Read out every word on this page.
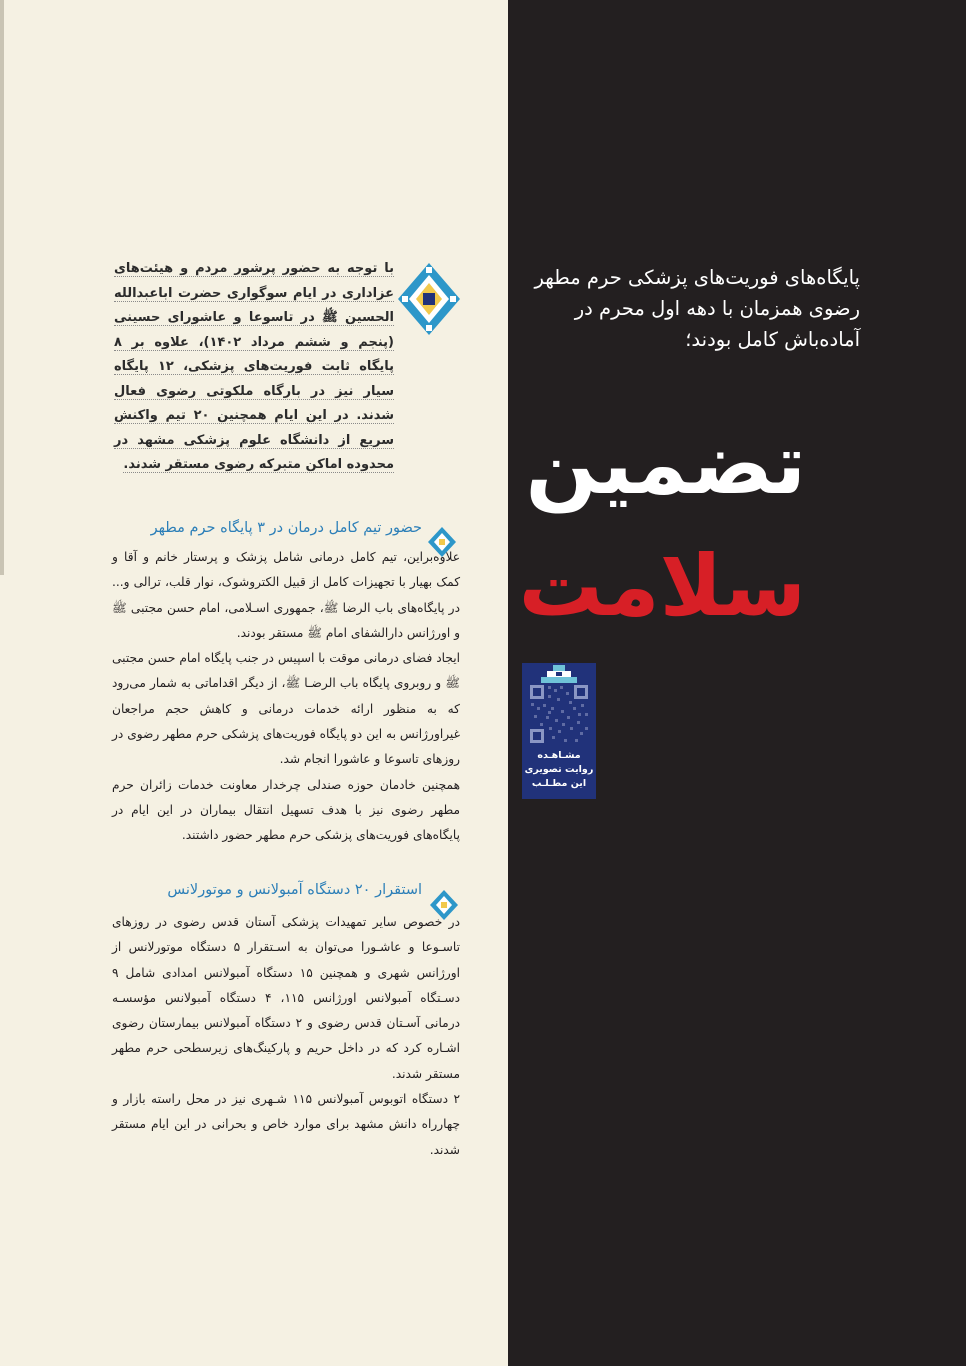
پایگاه‌های فوریت‌های پزشکی حرم مطهر رضوی همزمان با دهه اول محرم در آماده‌باش کامل بودند؛

تضمین
سلامت
مشـاهـده
روایت تصویری
این مطـلـب

با توجه به حضور پرشور مردم و هیئت‌های عزاداری در ایام سوگواری حضرت اباعبدالله الحسین ﷺ در تاسوعا و عاشورای حسینی (پنجم و ششم مرداد ۱۴۰۲)، علاوه بر ۸ پایگاه ثابت فوریت‌های پزشکی، ۱۲ پایگاه سیار نیز در بارگاه ملکوتی رضوی فعال شدند. در این ایام همچنین ۲۰ تیم واکنش سریع از دانشگاه علوم پزشکی مشهد در محدوده اماکن متبرکه رضوی مستقر شدند.

حضور تیم کامل درمان در ۳ پایگاه حرم مطهر

علاوه‌براین، تیم کامل درمانی شامل پزشک و پرستار خانم و آقا و کمک بهیار با تجهیزات کامل از قبیل الکتروشوک، نوار قلب، ترالی و... در پایگاه‌های باب الرضا ﷺ، جمهوری اسـلامی، امام حسن مجتبی ﷺ و اورژانس دارالشفای امام ﷺ مستقر بودند.

ایجاد فضای درمانی موقت با اسپیس در جنب پایگاه امام حسن مجتبی ﷺ و روبروی پایگاه باب الرضـا ﷺ، از دیگر اقداماتی به شمار می‌رود که به منظور ارائه خدمات درمانی و کاهش حجم مراجعان غیراورژانس به این دو پایگاه فوریت‌های پزشکی حرم مطهر رضوی در روزهای تاسوعا و عاشورا انجام شد.

همچنین خادمان حوزه صندلی چرخدار معاونت خدمات زائران حرم مطهر رضوی نیز با هدف تسهیل انتقال بیماران در این ایام در پایگاه‌های فوریت‌های پزشکی حرم مطهر حضور داشتند.

استقرار ۲۰ دستگاه آمبولانس و موتورلانس

در خصوص سایر تمهیدات پزشکی آستان قدس رضوی در روزهای تاسـوعا و عاشـورا می‌توان به اسـتقرار ۵ دستگاه موتورلانس از اورژانس شهری و همچنین ۱۵ دستگاه آمبولانس امدادی شامل ۹ دسـتگاه آمبولانس اورژانس ۱۱۵، ۴ دستگاه آمبولانس مؤسسـه درمانی آسـتان قدس رضوی و ۲ دستگاه آمبولانس بیمارستان رضوی اشـاره کرد که در داخل حریم و پارکینگ‌های زیرسطحی حرم مطهر مستقر شدند.

۲ دستگاه اتوبوس آمبولانس ۱۱۵ شـهری نیز در محل راسته بازار و چهارراه دانش مشهد برای موارد خاص و بحرانی در این ایام مستقر شدند.
